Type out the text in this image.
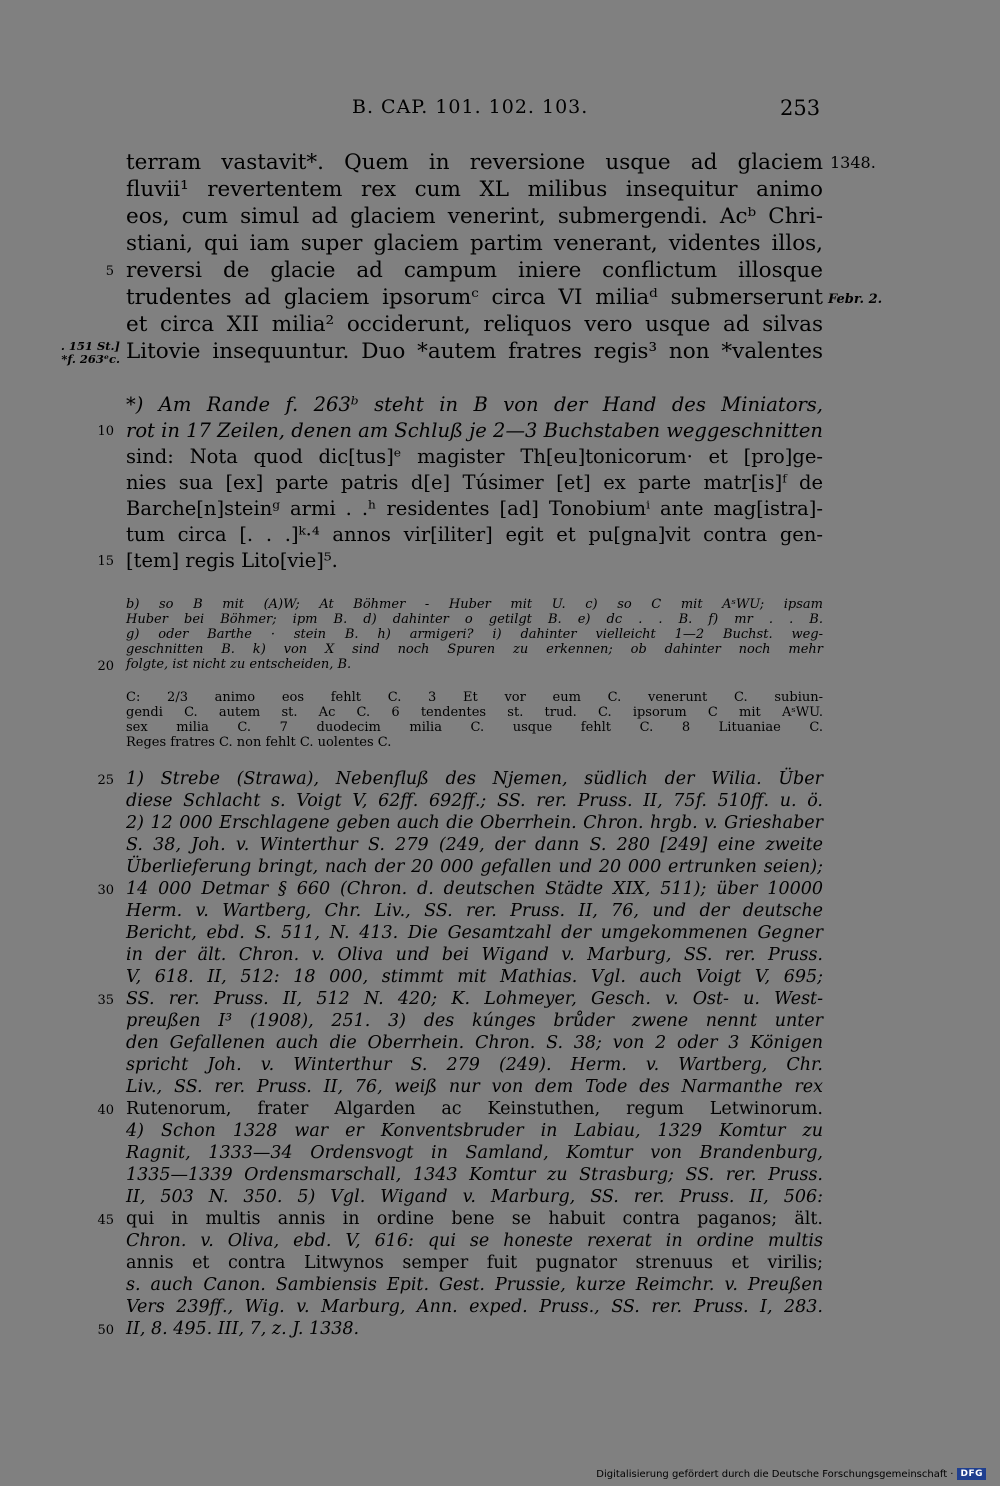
B. CAP. 101. 102. 103.	253
terram vastavit*. Quem in reversione usque ad glaciem
fluvii¹ revertentem rex cum XL milibus insequitur animo
eos, cum simul ad glaciem venerint, submergendi. Acᵇ Chri-
stiani, qui iam super glaciem partim venerant, videntes illos,
reversi de glacie ad campum iniere conflictum illosque
trudentes ad glaciem ipsorumᶜ circa VI miliaᵈ submerserunt
et circa XII milia² occiderunt, reliquos vero usque ad silvas
Litovie insequuntur. Duo *autem fratres regis³ non *valentes
5
1348.
Febr. 2.
. 151 St.]
*f. 263ᵉc.
*) Am Rande f. 263ᵇ steht in B von der Hand des Miniators,
rot in 17 Zeilen, denen am Schluß je 2—3 Buchstaben weggeschnitten
sind: Nota quod dic[tus]ᵉ magister Th[eu]tonicorum· et [pro]ge-
nies sua [ex] parte patris d[e] Túsimer [et] ex parte matr[is]ᶠ de
Barche[n]steinᵍ armi . .ʰ residentes [ad] Tonobiumⁱ ante mag[istra]-
tum circa [. . .]ᵏ·⁴ annos vir[iliter] egit et pu[gna]vit contra gen-
[tem] regis Lito[vie]⁵.
10
15
b) so B mit (A)W; At Böhmer - Huber mit U. c) so C mit AˢWU; ipsam
Huber bei Böhmer; ipm B. d) dahinter o getilgt B. e) dc . . B. f) mr . . B.
g) oder Barthe · stein B. h) armigeri? i) dahinter vielleicht 1—2 Buchst. weg-
geschnitten B. k) von X sind noch Spuren zu erkennen; ob dahinter noch mehr
folgte, ist nicht zu entscheiden, B.
20
C: 2/3 animo eos fehlt C. 3 Et vor eum C. venerunt C. subiun-
gendi C. autem st. Ac C. 6 tendentes st. trud. C. ipsorum C mit AˢWU.
sex milia C. 7 duodecim milia C. usque fehlt C. 8 Lituaniae C.
Reges fratres C. non fehlt C. uolentes C.
1) Strebe (Strawa), Nebenfluß des Njemen, südlich der Wilia. Über
diese Schlacht s. Voigt V, 62ff. 692ff.; SS. rer. Pruss. II, 75f. 510ff. u. ö.
2) 12 000 Erschlagene geben auch die Oberrhein. Chron. hrgb. v. Grieshaber
S. 38, Joh. v. Winterthur S. 279 (249, der dann S. 280 [249] eine zweite
Überlieferung bringt, nach der 20 000 gefallen und 20 000 ertrunken seien);
14 000 Detmar § 660 (Chron. d. deutschen Städte XIX, 511); über 10000
Herm. v. Wartberg, Chr. Liv., SS. rer. Pruss. II, 76, und der deutsche
Bericht, ebd. S. 511, N. 413. Die Gesamtzahl der umgekommenen Gegner
in der ält. Chron. v. Oliva und bei Wigand v. Marburg, SS. rer. Pruss.
V, 618. II, 512: 18 000, stimmt mit Mathias. Vgl. auch Voigt V, 695;
SS. rer. Pruss. II, 512 N. 420; K. Lohmeyer, Gesch. v. Ost- u. West-
preußen I³ (1908), 251. 3) des kúnges brůder zwene nennt unter
den Gefallenen auch die Oberrhein. Chron. S. 38; von 2 oder 3 Königen
spricht Joh. v. Winterthur S. 279 (249). Herm. v. Wartberg, Chr.
Liv., SS. rer. Pruss. II, 76, weiß nur von dem Tode des Narmanthe rex
Rutenorum, frater Algarden ac Keinstuthen, regum Letwinorum.
4) Schon 1328 war er Konventsbruder in Labiau, 1329 Komtur zu
Ragnit, 1333—34 Ordensvogt in Samland, Komtur von Brandenburg,
1335—1339 Ordensmarschall, 1343 Komtur zu Strasburg; SS. rer. Pruss.
II, 503 N. 350. 5) Vgl. Wigand v. Marburg, SS. rer. Pruss. II, 506:
qui in multis annis in ordine bene se habuit contra paganos; ält.
Chron. v. Oliva, ebd. V, 616: qui se honeste rexerat in ordine multis
annis et contra Litwynos semper fuit pugnator strenuus et virilis;
s. auch Canon. Sambiensis Epit. Gest. Prussie, kurze Reimchr. v. Preußen
Vers 239ff., Wig. v. Marburg, Ann. exped. Pruss., SS. rer. Pruss. I, 283.
II, 8. 495. III, 7, z. J. 1338.
25
30
35
40
45
50
Digitalisierung gefördert durch die Deutsche Forschungsgemeinschaft · DFG
